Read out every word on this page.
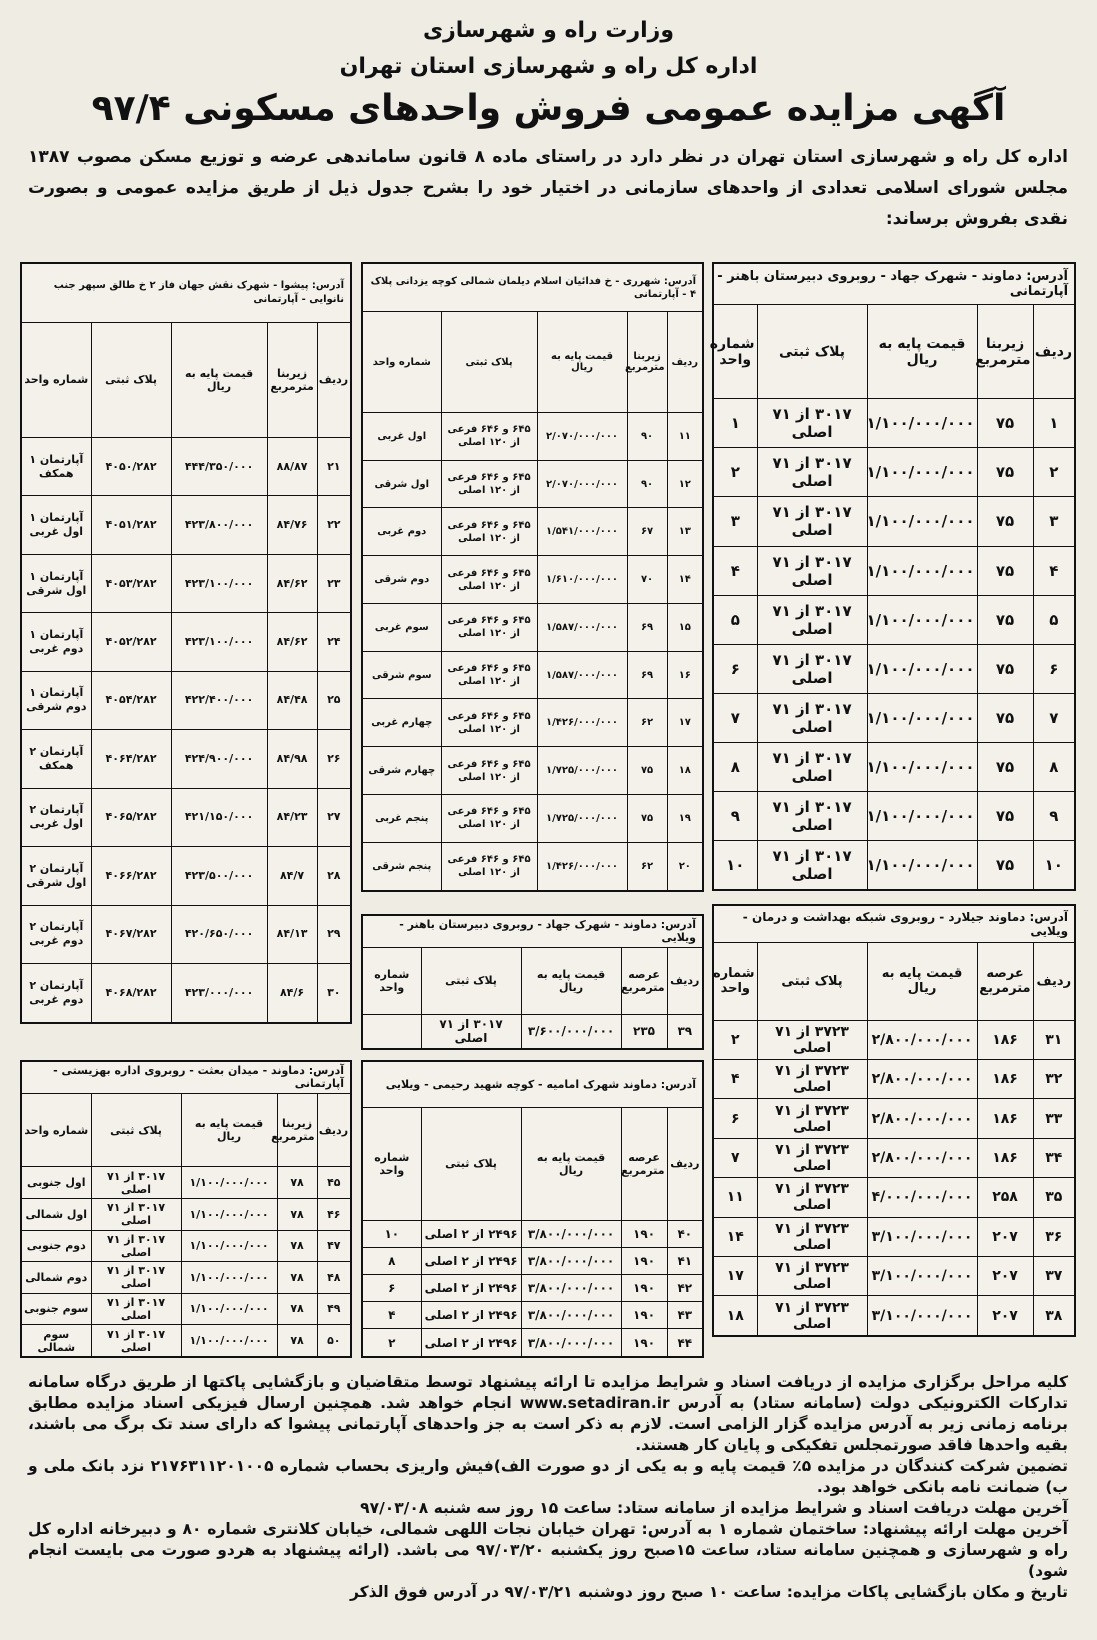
وزارت راه و شهرسازی
اداره کل راه و شهرسازی استان تهران
آگهی مزایده عمومی فروش واحدهای مسکونی ۹۷/۴
اداره کل راه و شهرسازی استان تهران در نظر دارد در راستای ماده ۸ قانون ساماندهی عرضه و توزیع مسکن مصوب ۱۳۸۷ مجلس شورای اسلامی تعدادی از واحدهای سازمانی در اختیار خود را بشرح جدول ذیل از طریق مزایده عمومی و بصورت نقدی بفروش برساند:
آدرس: دماوند - شهرک جهاد - روبروی دبیرستان باهنر - آپارتمانی				
ردیف	زیربنا مترمربع	قیمت پایه به ریال	پلاک ثبتی	شماره واحد
۱	۷۵	۱/۱۰۰/۰۰۰/۰۰۰	۳۰۱۷ از ۷۱ اصلی	۱
۲	۷۵	۱/۱۰۰/۰۰۰/۰۰۰	۳۰۱۷ از ۷۱ اصلی	۲
۳	۷۵	۱/۱۰۰/۰۰۰/۰۰۰	۳۰۱۷ از ۷۱ اصلی	۳
۴	۷۵	۱/۱۰۰/۰۰۰/۰۰۰	۳۰۱۷ از ۷۱ اصلی	۴
۵	۷۵	۱/۱۰۰/۰۰۰/۰۰۰	۳۰۱۷ از ۷۱ اصلی	۵
۶	۷۵	۱/۱۰۰/۰۰۰/۰۰۰	۳۰۱۷ از ۷۱ اصلی	۶
۷	۷۵	۱/۱۰۰/۰۰۰/۰۰۰	۳۰۱۷ از ۷۱ اصلی	۷
۸	۷۵	۱/۱۰۰/۰۰۰/۰۰۰	۳۰۱۷ از ۷۱ اصلی	۸
۹	۷۵	۱/۱۰۰/۰۰۰/۰۰۰	۳۰۱۷ از ۷۱ اصلی	۹
۱۰	۷۵	۱/۱۰۰/۰۰۰/۰۰۰	۳۰۱۷ از ۷۱ اصلی	۱۰
آدرس: شهرری - خ فدائیان اسلام دیلمان شمالی کوچه یزدانی پلاک ۴ - آپارتمانی				
ردیف	زیربنا مترمربع	قیمت پایه به ریال	پلاک ثبتی	شماره واحد
۱۱	۹۰	۲/۰۷۰/۰۰۰/۰۰۰	۶۴۵ و ۶۴۶ فرعی از ۱۲۰ اصلی	اول غربی
۱۲	۹۰	۲/۰۷۰/۰۰۰/۰۰۰	۶۴۵ و ۶۴۶ فرعی از ۱۲۰ اصلی	اول شرقی
۱۳	۶۷	۱/۵۴۱/۰۰۰/۰۰۰	۶۴۵ و ۶۴۶ فرعی از ۱۲۰ اصلی	دوم غربی
۱۴	۷۰	۱/۶۱۰/۰۰۰/۰۰۰	۶۴۵ و ۶۴۶ فرعی از ۱۲۰ اصلی	دوم شرقی
۱۵	۶۹	۱/۵۸۷/۰۰۰/۰۰۰	۶۴۵ و ۶۴۶ فرعی از ۱۲۰ اصلی	سوم غربی
۱۶	۶۹	۱/۵۸۷/۰۰۰/۰۰۰	۶۴۵ و ۶۴۶ فرعی از ۱۲۰ اصلی	سوم شرقی
۱۷	۶۲	۱/۴۲۶/۰۰۰/۰۰۰	۶۴۵ و ۶۴۶ فرعی از ۱۲۰ اصلی	چهارم غربی
۱۸	۷۵	۱/۷۲۵/۰۰۰/۰۰۰	۶۴۵ و ۶۴۶ فرعی از ۱۲۰ اصلی	چهارم شرقی
۱۹	۷۵	۱/۷۲۵/۰۰۰/۰۰۰	۶۴۵ و ۶۴۶ فرعی از ۱۲۰ اصلی	پنجم غربی
۲۰	۶۲	۱/۴۲۶/۰۰۰/۰۰۰	۶۴۵ و ۶۴۶ فرعی از ۱۲۰ اصلی	پنجم شرقی
آدرس: پیشوا - شهرک نقش جهان فاز ۲ خ طالق سپهر جنب نانوایی - آپارتمانی				
ردیف	زیربنا مترمربع	قیمت پایه به ریال	پلاک ثبتی	شماره واحد
۲۱	۸۸/۸۷	۴۴۴/۳۵۰/۰۰۰	۴۰۵۰/۲۸۲	آپارتمان ۱ همکف
۲۲	۸۴/۷۶	۴۲۳/۸۰۰/۰۰۰	۴۰۵۱/۲۸۲	آپارتمان ۱ اول غربی
۲۳	۸۴/۶۲	۴۲۳/۱۰۰/۰۰۰	۴۰۵۳/۲۸۲	آپارتمان ۱ اول شرقی
۲۴	۸۴/۶۲	۴۲۳/۱۰۰/۰۰۰	۴۰۵۲/۲۸۲	آپارتمان ۱ دوم غربی
۲۵	۸۴/۴۸	۴۲۲/۴۰۰/۰۰۰	۴۰۵۴/۲۸۲	آپارتمان ۱ دوم شرقی
۲۶	۸۴/۹۸	۴۲۴/۹۰۰/۰۰۰	۴۰۶۴/۲۸۲	آپارتمان ۲ همکف
۲۷	۸۴/۲۳	۴۲۱/۱۵۰/۰۰۰	۴۰۶۵/۲۸۲	آپارتمان ۲ اول غربی
۲۸	۸۴/۷	۴۲۳/۵۰۰/۰۰۰	۴۰۶۶/۲۸۲	آپارتمان ۲ اول شرقی
۲۹	۸۴/۱۳	۴۲۰/۶۵۰/۰۰۰	۴۰۶۷/۲۸۲	آپارتمان ۲ دوم غربی
۳۰	۸۴/۶	۴۲۳/۰۰۰/۰۰۰	۴۰۶۸/۲۸۲	آپارتمان ۲ دوم غربی
آدرس: دماوند جیلارد - روبروی شبکه بهداشت و درمان - ویلایی				
ردیف	عرصه مترمربع	قیمت پایه به ریال	پلاک ثبتی	شماره واحد
۳۱	۱۸۶	۲/۸۰۰/۰۰۰/۰۰۰	۳۷۲۳ از ۷۱ اصلی	۲
۳۲	۱۸۶	۲/۸۰۰/۰۰۰/۰۰۰	۳۷۲۳ از ۷۱ اصلی	۴
۳۳	۱۸۶	۲/۸۰۰/۰۰۰/۰۰۰	۳۷۲۳ از ۷۱ اصلی	۶
۳۴	۱۸۶	۲/۸۰۰/۰۰۰/۰۰۰	۳۷۲۳ از ۷۱ اصلی	۷
۳۵	۲۵۸	۴/۰۰۰/۰۰۰/۰۰۰	۳۷۲۳ از ۷۱ اصلی	۱۱
۳۶	۲۰۷	۳/۱۰۰/۰۰۰/۰۰۰	۳۷۲۳ از ۷۱ اصلی	۱۴
۳۷	۲۰۷	۳/۱۰۰/۰۰۰/۰۰۰	۳۷۲۳ از ۷۱ اصلی	۱۷
۳۸	۲۰۷	۳/۱۰۰/۰۰۰/۰۰۰	۳۷۲۳ از ۷۱ اصلی	۱۸
آدرس: دماوند - شهرک جهاد - روبروی دبیرستان باهنر - ویلایی				
ردیف	عرصه مترمربع	قیمت پایه به ریال	پلاک ثبتی	شماره واحد
۳۹	۲۳۵	۳/۶۰۰/۰۰۰/۰۰۰	۳۰۱۷ از ۷۱ اصلی	
آدرس: دماوند شهرک امامیه - کوچه شهید رحیمی - ویلایی				
ردیف	عرصه مترمربع	قیمت پایه به ریال	پلاک ثبتی	شماره واحد
۴۰	۱۹۰	۳/۸۰۰/۰۰۰/۰۰۰	۲۴۹۶ از ۲ اصلی	۱۰
۴۱	۱۹۰	۳/۸۰۰/۰۰۰/۰۰۰	۲۴۹۶ از ۲ اصلی	۸
۴۲	۱۹۰	۳/۸۰۰/۰۰۰/۰۰۰	۲۴۹۶ از ۲ اصلی	۶
۴۳	۱۹۰	۳/۸۰۰/۰۰۰/۰۰۰	۲۴۹۶ از ۲ اصلی	۴
۴۴	۱۹۰	۳/۸۰۰/۰۰۰/۰۰۰	۲۴۹۶ از ۲ اصلی	۲
آدرس: دماوند - میدان بعثت - روبروی اداره بهزیستی - آپارتمانی				
ردیف	زیربنا مترمربع	قیمت پایه به ریال	پلاک ثبتی	شماره واحد
۴۵	۷۸	۱/۱۰۰/۰۰۰/۰۰۰	۳۰۱۷ از ۷۱ اصلی	اول جنوبی
۴۶	۷۸	۱/۱۰۰/۰۰۰/۰۰۰	۳۰۱۷ از ۷۱ اصلی	اول شمالی
۴۷	۷۸	۱/۱۰۰/۰۰۰/۰۰۰	۳۰۱۷ از ۷۱ اصلی	دوم جنوبی
۴۸	۷۸	۱/۱۰۰/۰۰۰/۰۰۰	۳۰۱۷ از ۷۱ اصلی	دوم شمالی
۴۹	۷۸	۱/۱۰۰/۰۰۰/۰۰۰	۳۰۱۷ از ۷۱ اصلی	سوم جنوبی
۵۰	۷۸	۱/۱۰۰/۰۰۰/۰۰۰	۳۰۱۷ از ۷۱ اصلی	سوم شمالی

کلیه مراحل برگزاری مزایده از دریافت اسناد و شرایط مزایده تا ارائه پیشنهاد توسط متقاضیان و بازگشایی پاکتها از طریق درگاه سامانه تدارکات الکترونیکی دولت (سامانه ستاد) به آدرس www.setadiran.ir انجام خواهد شد. همچنین ارسال فیزیکی اسناد مزایده مطابق برنامه زمانی زیر به آدرس مزایده گزار الزامی است. لازم به ذکر است به جز واحدهای آپارتمانی پیشوا که دارای سند تک برگ می باشند، بقیه واحدها فاقد صورتمجلس تفکیکی و پایان کار هستند.

تضمین شرکت کنندگان در مزایده ۵٪ قیمت پایه و به یکی از دو صورت الف)فیش واریزی بحساب شماره ۲۱۷۶۳۱۱۲۰۱۰۰۵ نزد بانک ملی و ب) ضمانت نامه بانکی خواهد بود.

آخرین مهلت دریافت اسناد و شرایط مزایده از سامانه ستاد: ساعت ۱۵ روز سه شنبه ۹۷/۰۳/۰۸

آخرین مهلت ارائه پیشنهاد: ساختمان شماره ۱ به آدرس: تهران خیابان نجات اللهی شمالی، خیابان کلانتری شماره ۸۰ و دبیرخانه اداره کل راه و شهرسازی و همچنین سامانه ستاد، ساعت ۱۵صبح روز یکشنبه ۹۷/۰۳/۲۰ می باشد. (ارائه پیشنهاد به هردو صورت می بایست انجام شود)

تاریخ و مکان بازگشایی پاکات مزایده: ساعت ۱۰ صبح روز دوشنبه ۹۷/۰۳/۲۱ در آدرس فوق الذکر
